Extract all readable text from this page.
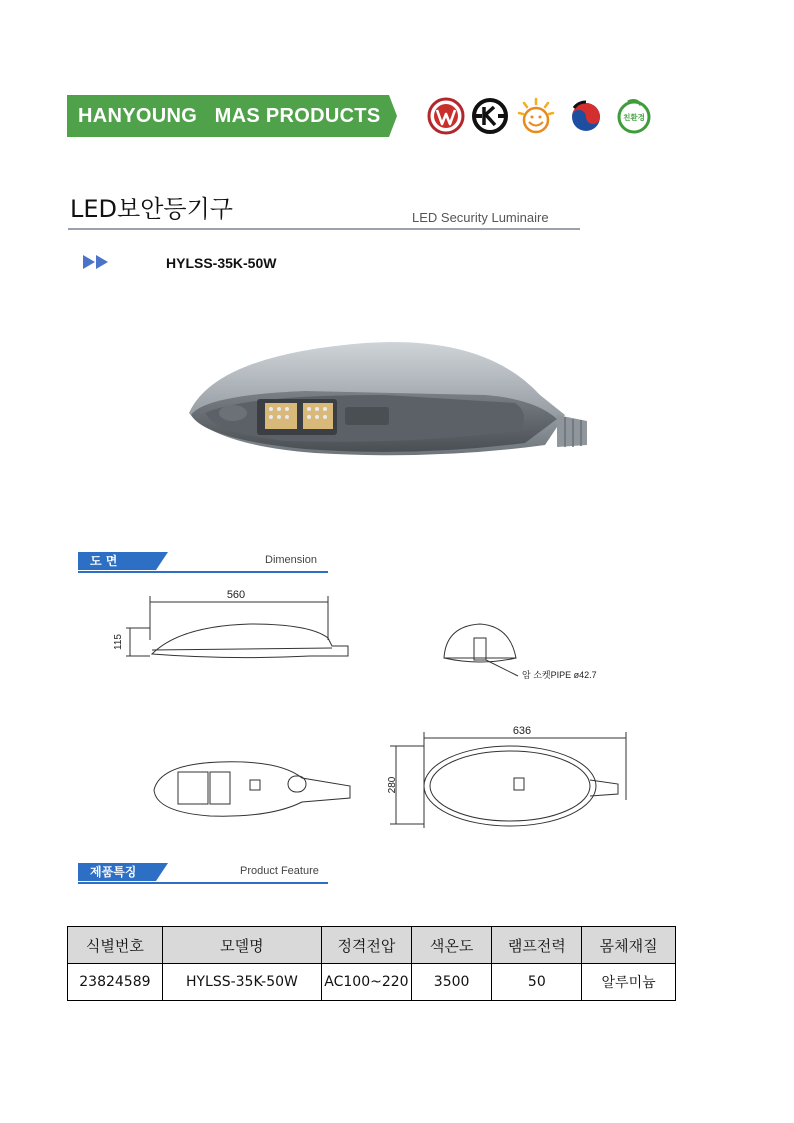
HANYOUNG   MAS PRODUCTS	친환경
LED보안등기구	LED Security Luminaire
HYLSS-35K-50W
도 면	Dimension
560
115
636
280
암 소켓PIPE ø42.7
제품특징	Product Feature
식별번호	모델명	정격전압	색온도	램프전력	몸체재질
23824589	HYLSS-35K-50W	AC100~220	3500	50	알루미늄
